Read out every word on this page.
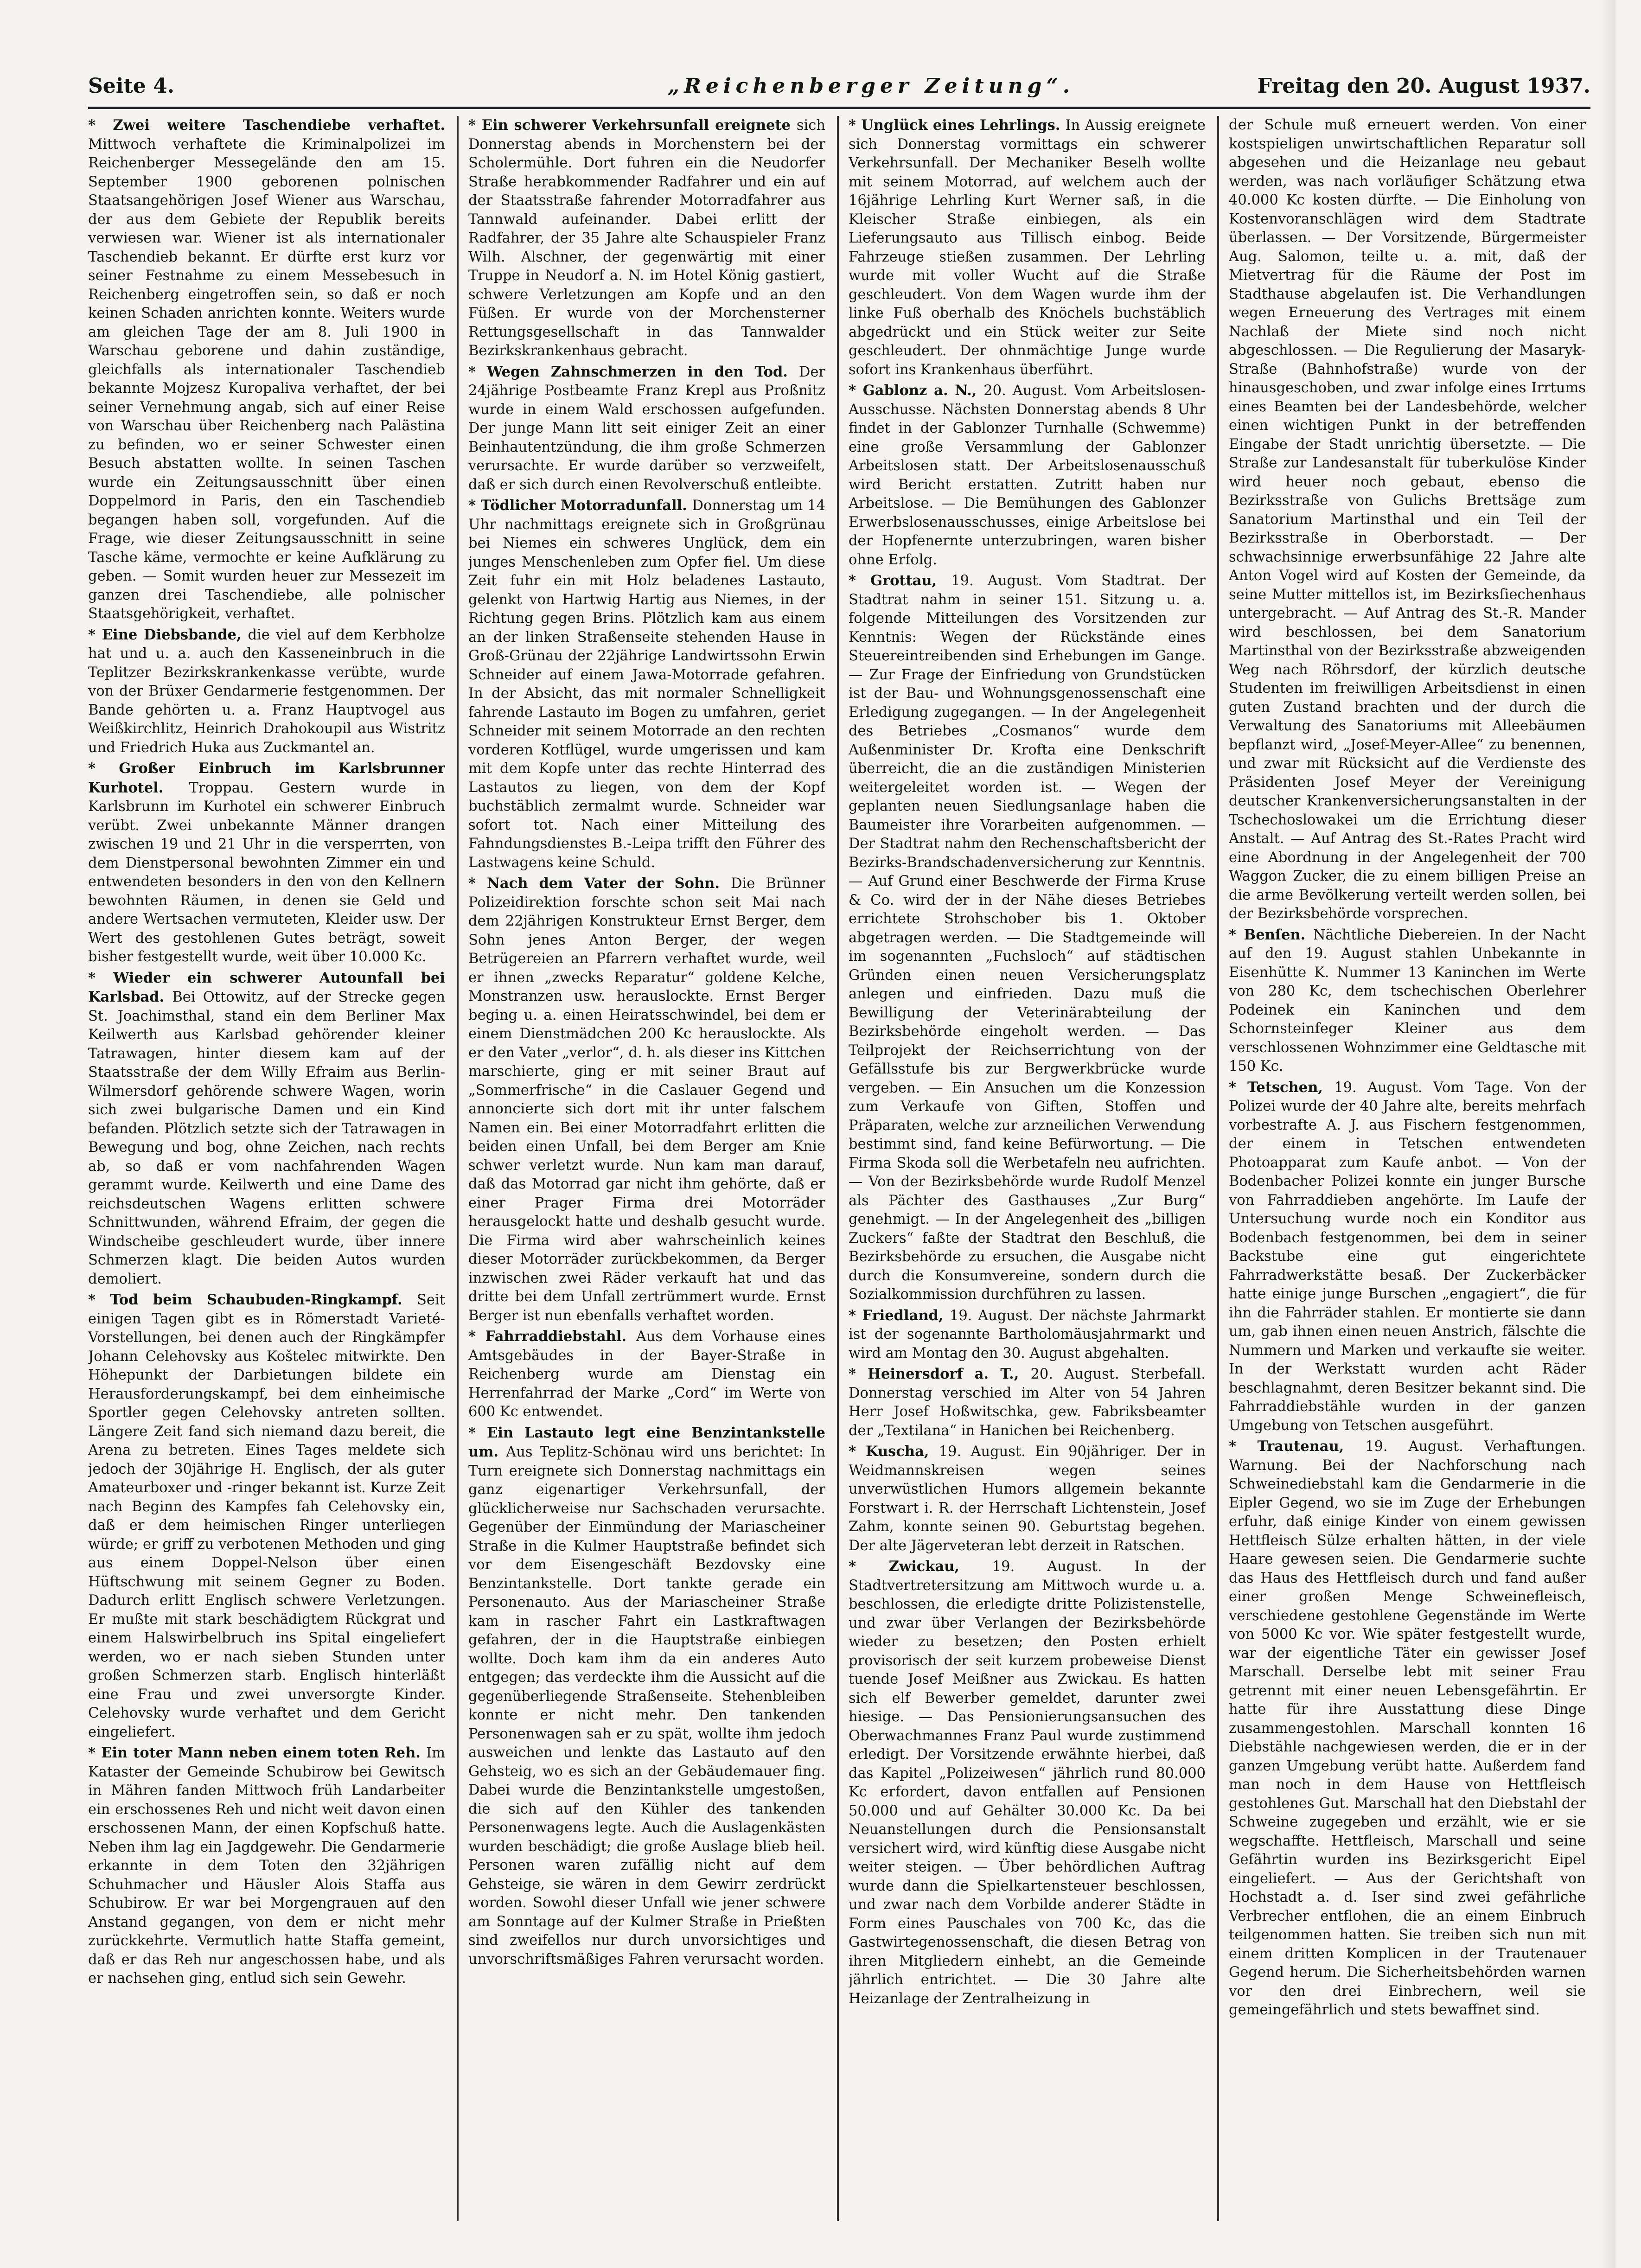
Seite 4.	„Reichenberger Zeitung“.	Freitag den 20. August 1937.

* Zwei weitere Taschendiebe verhaftet. Mittwoch verhaftete die Kriminalpolizei im Reichenberger Messegelände den am 15. September 1900 geborenen polnischen Staatsangehörigen Josef Wiener aus Warschau, der aus dem Gebiete der Republik bereits verwiesen war. Wiener ist als internationaler Taschendieb bekannt. Er dürfte erst kurz vor seiner Festnahme zu einem Messebesuch in Reichenberg eingetroffen sein, so daß er noch keinen Schaden anrichten konnte. Weiters wurde am gleichen Tage der am 8. Juli 1900 in Warschau geborene und dahin zuständige, gleichfalls als internationaler Taschendieb bekannte Mojzesz Kuropaliva verhaftet, der bei seiner Vernehmung angab, sich auf einer Reise von Warschau über Reichenberg nach Palästina zu befinden, wo er seiner Schwester einen Besuch abstatten wollte. In seinen Taschen wurde ein Zeitungsausschnitt über einen Doppelmord in Paris, den ein Taschendieb begangen haben soll, vorgefunden. Auf die Frage, wie dieser Zeitungsausschnitt in seine Tasche käme, vermochte er keine Aufklärung zu geben. — Somit wurden heuer zur Messezeit im ganzen drei Taschendiebe, alle polnischer Staatsgehörigkeit, verhaftet.

* Eine Diebsbande, die viel auf dem Kerbholze hat und u. a. auch den Kasseneinbruch in die Teplitzer Bezirkskrankenkasse verübte, wurde von der Brüxer Gendarmerie festgenommen. Der Bande gehörten u. a. Franz Hauptvogel aus Weißkirchlitz, Heinrich Drahokoupil aus Wistritz und Friedrich Huka aus Zuckmantel an.

* Großer Einbruch im Karlsbrunner Kurhotel. Troppau. Gestern wurde in Karlsbrunn im Kurhotel ein schwerer Einbruch verübt. Zwei unbekannte Männer drangen zwischen 19 und 21 Uhr in die versperrten, von dem Dienstpersonal bewohnten Zimmer ein und entwendeten besonders in den von den Kellnern bewohnten Räumen, in denen sie Geld und andere Wertsachen vermuteten, Kleider usw. Der Wert des gestohlenen Gutes beträgt, soweit bisher festgestellt wurde, weit über 10.000 Kc.

* Wieder ein schwerer Autounfall bei Karlsbad. Bei Ottowitz, auf der Strecke gegen St. Joachimsthal, stand ein dem Berliner Max Keilwerth aus Karlsbad gehörender kleiner Tatrawagen, hinter diesem kam auf der Staatsstraße der dem Willy Efraim aus Berlin-Wilmersdorf gehörende schwere Wagen, worin sich zwei bulgarische Damen und ein Kind befanden. Plötzlich setzte sich der Tatrawagen in Bewegung und bog, ohne Zeichen, nach rechts ab, so daß er vom nachfahrenden Wagen gerammt wurde. Keilwerth und eine Dame des reichsdeutschen Wagens erlitten schwere Schnittwunden, während Efraim, der gegen die Windscheibe geschleudert wurde, über innere Schmerzen klagt. Die beiden Autos wurden demoliert.

* Tod beim Schaubuden-Ringkampf. Seit einigen Tagen gibt es in Römerstadt Varieté-Vorstellungen, bei denen auch der Ringkämpfer Johann Celehovsky aus Koštelec mitwirkte. Den Höhepunkt der Darbietungen bildete ein Herausforderungskampf, bei dem einheimische Sportler gegen Celehovsky antreten sollten. Längere Zeit fand sich niemand dazu bereit, die Arena zu betreten. Eines Tages meldete sich jedoch der 30jährige H. Englisch, der als guter Amateurboxer und -ringer bekannt ist. Kurze Zeit nach Beginn des Kampfes fah Celehovsky ein, daß er dem heimischen Ringer unterliegen würde; er griff zu verbotenen Methoden und ging aus einem Doppel-Nelson über einen Hüftschwung mit seinem Gegner zu Boden. Dadurch erlitt Englisch schwere Verletzungen. Er mußte mit stark beschädigtem Rückgrat und einem Halswirbelbruch ins Spital eingeliefert werden, wo er nach sieben Stunden unter großen Schmerzen starb. Englisch hinterläßt eine Frau und zwei unversorgte Kinder. Celehovsky wurde verhaftet und dem Gericht eingeliefert.

* Ein toter Mann neben einem toten Reh. Im Kataster der Gemeinde Schubirow bei Gewitsch in Mähren fanden Mittwoch früh Landarbeiter ein erschossenes Reh und nicht weit davon einen erschossenen Mann, der einen Kopfschuß hatte. Neben ihm lag ein Jagdgewehr. Die Gendarmerie erkannte in dem Toten den 32jährigen Schuhmacher und Häusler Alois Staffa aus Schubirow. Er war bei Morgengrauen auf den Anstand gegangen, von dem er nicht mehr zurückkehrte. Vermutlich hatte Staffa gemeint, daß er das Reh nur angeschossen habe, und als er nachsehen ging, entlud sich sein Gewehr.

* Ein schwerer Verkehrsunfall ereignete sich Donnerstag abends in Morchenstern bei der Scholermühle. Dort fuhren ein die Neudorfer Straße herabkommender Radfahrer und ein auf der Staatsstraße fahrender Motorradfahrer aus Tannwald aufeinander. Dabei erlitt der Radfahrer, der 35 Jahre alte Schauspieler Franz Wilh. Alschner, der gegenwärtig mit einer Truppe in Neudorf a. N. im Hotel König gastiert, schwere Verletzungen am Kopfe und an den Füßen. Er wurde von der Morchensterner Rettungsgesellschaft in das Tannwalder Bezirkskrankenhaus gebracht.

* Wegen Zahnschmerzen in den Tod. Der 24jährige Postbeamte Franz Krepl aus Proßnitz wurde in einem Wald erschossen aufgefunden. Der junge Mann litt seit einiger Zeit an einer Beinhautentzündung, die ihm große Schmerzen verursachte. Er wurde darüber so verzweifelt, daß er sich durch einen Revolverschuß entleibte.

* Tödlicher Motorradunfall. Donnerstag um 14 Uhr nachmittags ereignete sich in Großgrünau bei Niemes ein schweres Unglück, dem ein junges Menschenleben zum Opfer fiel. Um diese Zeit fuhr ein mit Holz beladenes Lastauto, gelenkt von Hartwig Hartig aus Niemes, in der Richtung gegen Brins. Plötzlich kam aus einem an der linken Straßenseite stehenden Hause in Groß-Grünau der 22jährige Landwirtssohn Erwin Schneider auf einem Jawa-Motorrade gefahren. In der Absicht, das mit normaler Schnelligkeit fahrende Lastauto im Bogen zu umfahren, geriet Schneider mit seinem Motorrade an den rechten vorderen Kotflügel, wurde umgerissen und kam mit dem Kopfe unter das rechte Hinterrad des Lastautos zu liegen, von dem der Kopf buchstäblich zermalmt wurde. Schneider war sofort tot. Nach einer Mitteilung des Fahndungsdienstes B.-Leipa trifft den Führer des Lastwagens keine Schuld.

* Nach dem Vater der Sohn. Die Brünner Polizeidirektion forschte schon seit Mai nach dem 22jährigen Konstrukteur Ernst Berger, dem Sohn jenes Anton Berger, der wegen Betrügereien an Pfarrern verhaftet wurde, weil er ihnen „zwecks Reparatur“ goldene Kelche, Monstranzen usw. herauslockte. Ernst Berger beging u. a. einen Heiratsschwindel, bei dem er einem Dienstmädchen 200 Kc herauslockte. Als er den Vater „verlor“, d. h. als dieser ins Kittchen marschierte, ging er mit seiner Braut auf „Sommerfrische“ in die Caslauer Gegend und annoncierte sich dort mit ihr unter falschem Namen ein. Bei einer Motorradfahrt erlitten die beiden einen Unfall, bei dem Berger am Knie schwer verletzt wurde. Nun kam man darauf, daß das Motorrad gar nicht ihm gehörte, daß er einer Prager Firma drei Motorräder herausgelockt hatte und deshalb gesucht wurde. Die Firma wird aber wahrscheinlich keines dieser Motorräder zurückbekommen, da Berger inzwischen zwei Räder verkauft hat und das dritte bei dem Unfall zertrümmert wurde. Ernst Berger ist nun ebenfalls verhaftet worden.

* Fahrraddiebstahl. Aus dem Vorhause eines Amtsgebäudes in der Bayer-Straße in Reichenberg wurde am Dienstag ein Herrenfahrrad der Marke „Cord“ im Werte von 600 Kc entwendet.

* Ein Lastauto legt eine Benzintankstelle um. Aus Teplitz-Schönau wird uns berichtet: In Turn ereignete sich Donnerstag nachmittags ein ganz eigenartiger Verkehrsunfall, der glücklicherweise nur Sachschaden verursachte. Gegenüber der Einmündung der Mariascheiner Straße in die Kulmer Hauptstraße befindet sich vor dem Eisengeschäft Bezdovsky eine Benzintankstelle. Dort tankte gerade ein Personenauto. Aus der Mariascheiner Straße kam in rascher Fahrt ein Lastkraftwagen gefahren, der in die Hauptstraße einbiegen wollte. Doch kam ihm da ein anderes Auto entgegen; das verdeckte ihm die Aussicht auf die gegenüberliegende Straßenseite. Stehenbleiben konnte er nicht mehr. Den tankenden Personenwagen sah er zu spät, wollte ihm jedoch ausweichen und lenkte das Lastauto auf den Gehsteig, wo es sich an der Gebäudemauer fing. Dabei wurde die Benzintankstelle umgestoßen, die sich auf den Kühler des tankenden Personenwagens legte. Auch die Auslagenkästen wurden beschädigt; die große Auslage blieb heil. Personen waren zufällig nicht auf dem Gehsteige, sie wären in dem Gewirr zerdrückt worden. Sowohl dieser Unfall wie jener schwere am Sonntage auf der Kulmer Straße in Prießten sind zweifellos nur durch unvorsichtiges und unvorschriftsmäßiges Fahren verursacht worden.

* Unglück eines Lehrlings. In Aussig ereignete sich Donnerstag vormittags ein schwerer Verkehrsunfall. Der Mechaniker Beselh wollte mit seinem Motorrad, auf welchem auch der 16jährige Lehrling Kurt Werner saß, in die Kleischer Straße einbiegen, als ein Lieferungsauto aus Tillisch einbog. Beide Fahrzeuge stießen zusammen. Der Lehrling wurde mit voller Wucht auf die Straße geschleudert. Von dem Wagen wurde ihm der linke Fuß oberhalb des Knöchels buchstäblich abgedrückt und ein Stück weiter zur Seite geschleudert. Der ohnmächtige Junge wurde sofort ins Krankenhaus überführt.

* Gablonz a. N., 20. August. Vom Arbeitslosen-Ausschusse. Nächsten Donnerstag abends 8 Uhr findet in der Gablonzer Turnhalle (Schwemme) eine große Versammlung der Gablonzer Arbeitslosen statt. Der Arbeitslosenausschuß wird Bericht erstatten. Zutritt haben nur Arbeitslose. — Die Bemühungen des Gablonzer Erwerbslosenausschusses, einige Arbeitslose bei der Hopfenernte unterzubringen, waren bisher ohne Erfolg.

* Grottau, 19. August. Vom Stadtrat. Der Stadtrat nahm in seiner 151. Sitzung u. a. folgende Mitteilungen des Vorsitzenden zur Kenntnis: Wegen der Rückstände eines Steuereintreibenden sind Erhebungen im Gange. — Zur Frage der Einfriedung von Grundstücken ist der Bau- und Wohnungsgenossenschaft eine Erledigung zugegangen. — In der Angelegenheit des Betriebes „Cosmanos“ wurde dem Außenminister Dr. Krofta eine Denkschrift überreicht, die an die zuständigen Ministerien weitergeleitet worden ist. — Wegen der geplanten neuen Siedlungsanlage haben die Baumeister ihre Vorarbeiten aufgenommen. — Der Stadtrat nahm den Rechenschaftsbericht der Bezirks-Brandschadenversicherung zur Kenntnis. — Auf Grund einer Beschwerde der Firma Kruse & Co. wird der in der Nähe dieses Betriebes errichtete Strohschober bis 1. Oktober abgetragen werden. — Die Stadtgemeinde will im sogenannten „Fuchsloch“ auf städtischen Gründen einen neuen Versicherungsplatz anlegen und einfrieden. Dazu muß die Bewilligung der Veterinärabteilung der Bezirksbehörde eingeholt werden. — Das Teilprojekt der Reichserrichtung von der Gefällsstufe bis zur Bergwerkbrücke wurde vergeben. — Ein Ansuchen um die Konzession zum Verkaufe von Giften, Stoffen und Präparaten, welche zur arzneilichen Verwendung bestimmt sind, fand keine Befürwortung. — Die Firma Skoda soll die Werbetafeln neu aufrichten. — Von der Bezirksbehörde wurde Rudolf Menzel als Pächter des Gasthauses „Zur Burg“ genehmigt. — In der Angelegenheit des „billigen Zuckers“ faßte der Stadtrat den Beschluß, die Bezirksbehörde zu ersuchen, die Ausgabe nicht durch die Konsumvereine, sondern durch die Sozialkommission durchführen zu lassen.

* Friedland, 19. August. Der nächste Jahrmarkt ist der sogenannte Bartholomäusjahrmarkt und wird am Montag den 30. August abgehalten.

* Heinersdorf a. T., 20. August. Sterbefall. Donnerstag verschied im Alter von 54 Jahren Herr Josef Hoßwitschka, gew. Fabriksbeamter der „Textilana“ in Hanichen bei Reichenberg.

* Kuscha, 19. August. Ein 90jähriger. Der in Weidmannskreisen wegen seines unverwüstlichen Humors allgemein bekannte Forstwart i. R. der Herrschaft Lichtenstein, Josef Zahm, konnte seinen 90. Geburtstag begehen. Der alte Jägerveteran lebt derzeit in Ratschen.

* Zwickau, 19. August. In der Stadtvertretersitzung am Mittwoch wurde u. a. beschlossen, die erledigte dritte Polizistenstelle, und zwar über Verlangen der Bezirksbehörde wieder zu besetzen; den Posten erhielt provisorisch der seit kurzem probeweise Dienst tuende Josef Meißner aus Zwickau. Es hatten sich elf Bewerber gemeldet, darunter zwei hiesige. — Das Pensionierungsansuchen des Oberwachmannes Franz Paul wurde zustimmend erledigt. Der Vorsitzende erwähnte hierbei, daß das Kapitel „Polizeiwesen“ jährlich rund 80.000 Kc erfordert, davon entfallen auf Pensionen 50.000 und auf Gehälter 30.000 Kc. Da bei Neuanstellungen durch die Pensionsanstalt versichert wird, wird künftig diese Ausgabe nicht weiter steigen. — Über behördlichen Auftrag wurde dann die Spielkartensteuer beschlossen, und zwar nach dem Vorbilde anderer Städte in Form eines Pauschales von 700 Kc, das die Gastwirtegenossenschaft, die diesen Betrag von ihren Mitgliedern einhebt, an die Gemeinde jährlich entrichtet. — Die 30 Jahre alte Heizanlage der Zentralheizung in

der Schule muß erneuert werden. Von einer kostspieligen unwirtschaftlichen Reparatur soll abgesehen und die Heizanlage neu gebaut werden, was nach vorläufiger Schätzung etwa 40.000 Kc kosten dürfte. — Die Einholung von Kostenvoranschlägen wird dem Stadtrate überlassen. — Der Vorsitzende, Bürgermeister Aug. Salomon, teilte u. a. mit, daß der Mietvertrag für die Räume der Post im Stadthause abgelaufen ist. Die Verhandlungen wegen Erneuerung des Vertrages mit einem Nachlaß der Miete sind noch nicht abgeschlossen. — Die Regulierung der Masaryk-Straße (Bahnhofstraße) wurde von der hinausgeschoben, und zwar infolge eines Irrtums eines Beamten bei der Landesbehörde, welcher einen wichtigen Punkt in der betreffenden Eingabe der Stadt unrichtig übersetzte. — Die Straße zur Landesanstalt für tuberkulöse Kinder wird heuer noch gebaut, ebenso die Bezirksstraße von Gulichs Brettsäge zum Sanatorium Martinsthal und ein Teil der Bezirksstraße in Oberborstadt. — Der schwachsinnige erwerbsunfähige 22 Jahre alte Anton Vogel wird auf Kosten der Gemeinde, da seine Mutter mittellos ist, im Bezirksſiechenhaus untergebracht. — Auf Antrag des St.-R. Mander wird beschlossen, bei dem Sanatorium Martinsthal von der Bezirksstraße abzweigenden Weg nach Röhrsdorf, der kürzlich deutsche Studenten im freiwilligen Arbeitsdienst in einen guten Zustand brachten und der durch die Verwaltung des Sanatoriums mit Alleebäumen bepflanzt wird, „Josef-Meyer-Allee“ zu benennen, und zwar mit Rücksicht auf die Verdienste des Präsidenten Josef Meyer der Vereinigung deutscher Krankenversicherungsanstalten in der Tschechoslowakei um die Errichtung dieser Anstalt. — Auf Antrag des St.-Rates Pracht wird eine Abordnung in der Angelegenheit der 700 Waggon Zucker, die zu einem billigen Preise an die arme Bevölkerung verteilt werden sollen, bei der Bezirksbehörde vorsprechen.

* Benſen. Nächtliche Diebereien. In der Nacht auf den 19. August stahlen Unbekannte in Eisenhütte K. Nummer 13 Kaninchen im Werte von 280 Kc, dem tschechischen Oberlehrer Podeinek ein Kaninchen und dem Schornsteinfeger Kleiner aus dem verschlossenen Wohnzimmer eine Geldtasche mit 150 Kc.

* Tetschen, 19. August. Vom Tage. Von der Polizei wurde der 40 Jahre alte, bereits mehrfach vorbestrafte A. J. aus Fischern festgenommen, der einem in Tetschen entwendeten Photoapparat zum Kaufe anbot. — Von der Bodenbacher Polizei konnte ein junger Bursche von Fahrraddieben angehörte. Im Laufe der Untersuchung wurde noch ein Konditor aus Bodenbach festgenommen, bei dem in seiner Backstube eine gut eingerichtete Fahrradwerkstätte besaß. Der Zuckerbäcker hatte einige junge Burschen „engagiert“, die für ihn die Fahrräder stahlen. Er montierte sie dann um, gab ihnen einen neuen Anstrich, fälschte die Nummern und Marken und verkaufte sie weiter. In der Werkstatt wurden acht Räder beschlagnahmt, deren Besitzer bekannt sind. Die Fahrraddiebstähle wurden in der ganzen Umgebung von Tetschen ausgeführt.

* Trautenau, 19. August. Verhaftungen. Warnung. Bei der Nachforschung nach Schweinediebstahl kam die Gendarmerie in die Eipler Gegend, wo sie im Zuge der Erhebungen erfuhr, daß einige Kinder von einem gewissen Hettfleisch Sülze erhalten hätten, in der viele Haare gewesen seien. Die Gendarmerie suchte das Haus des Hettfleisch durch und fand außer einer großen Menge Schweinefleisch, verschiedene gestohlene Gegenstände im Werte von 5000 Kc vor. Wie später festgestellt wurde, war der eigentliche Täter ein gewisser Josef Marschall. Derselbe lebt mit seiner Frau getrennt mit einer neuen Lebensgefährtin. Er hatte für ihre Ausstattung diese Dinge zusammengestohlen. Marschall konnten 16 Diebstähle nachgewiesen werden, die er in der ganzen Umgebung verübt hatte. Außerdem fand man noch in dem Hause von Hettfleisch gestohlenes Gut. Marschall hat den Diebstahl der Schweine zugegeben und erzählt, wie er sie wegschaffte. Hettfleisch, Marschall und seine Gefährtin wurden ins Bezirksgericht Eipel eingeliefert. — Aus der Gerichtshaft von Hochstadt a. d. Iser sind zwei gefährliche Verbrecher entflohen, die an einem Einbruch teilgenommen hatten. Sie treiben sich nun mit einem dritten Komplicen in der Trautenauer Gegend herum. Die Sicherheitsbehörden warnen vor den drei Einbrechern, weil sie gemeingefährlich und stets bewaffnet sind.
